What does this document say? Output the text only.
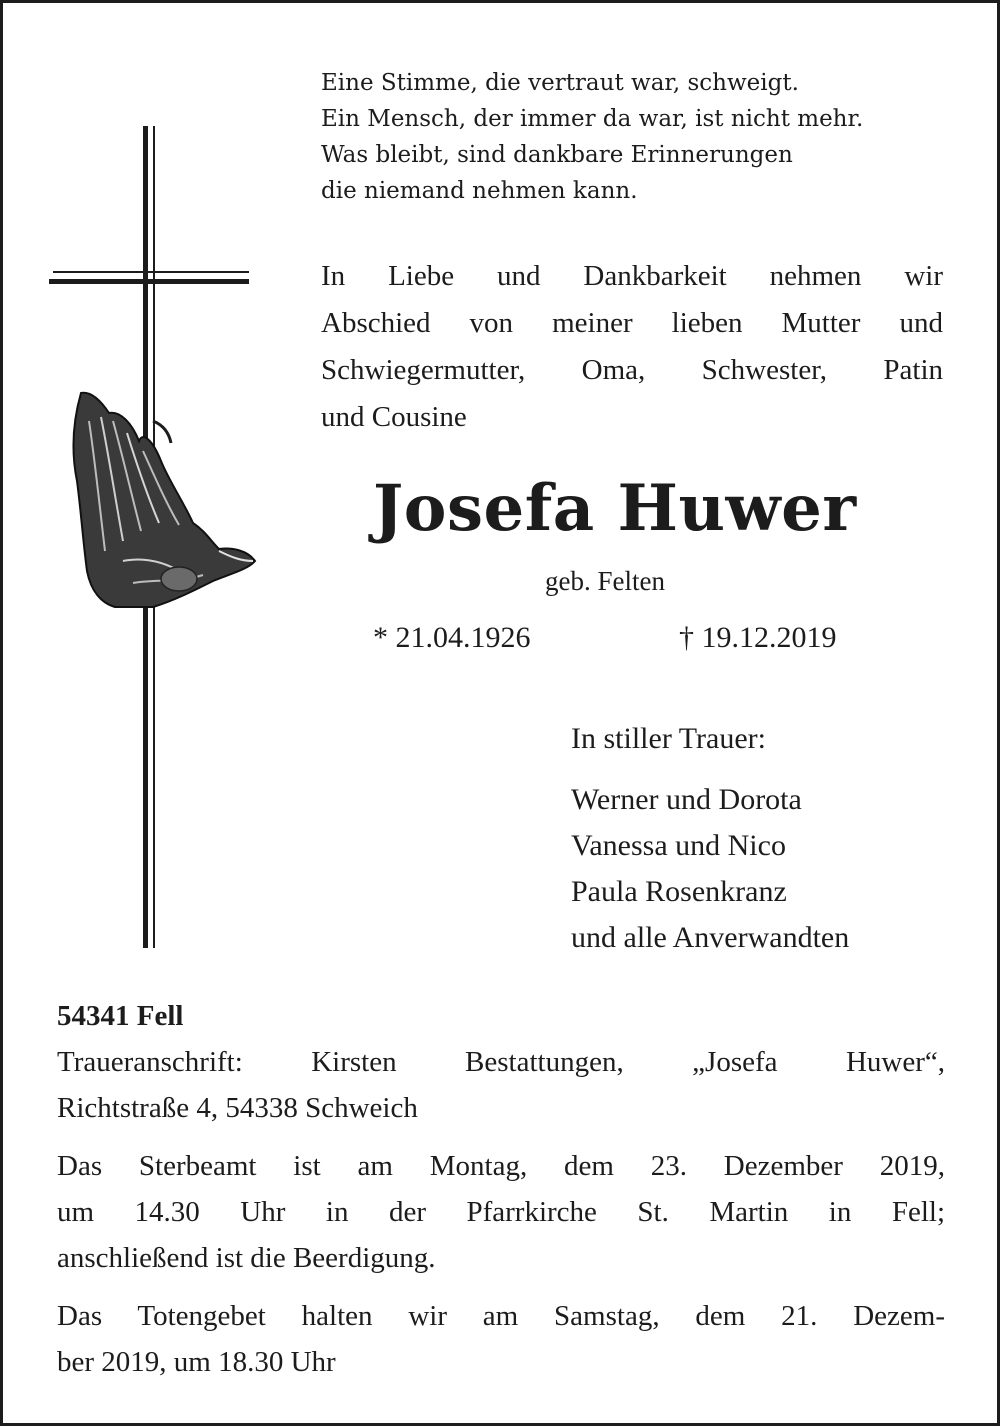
Eine Stimme, die vertraut war, schweigt.
Ein Mensch, der immer da war, ist nicht mehr.
Was bleibt, sind dankbare Erinnerungen
die niemand nehmen kann.
In Liebe und Dankbarkeit nehmen wir
Abschied von meiner lieben Mutter und
Schwiegermutter, Oma, Schwester, Patin
und Cousine
Josefa Huwer
geb. Felten
* 21.04.1926	† 19.12.2019
In stiller Trauer:
Werner und Dorota
Vanessa und Nico
Paula Rosenkranz
und alle Anverwandten
54341 Fell
Traueranschrift: Kirsten Bestattungen, „Josefa Huwer“,
Richtstraße 4, 54338 Schweich
Das Sterbeamt ist am Montag, dem 23. Dezember 2019,
um 14.30 Uhr in der Pfarrkirche St. Martin in Fell;
anschließend ist die Beerdigung.
Das Totengebet halten wir am Samstag, dem 21. Dezem-
ber 2019, um 18.30 Uhr
